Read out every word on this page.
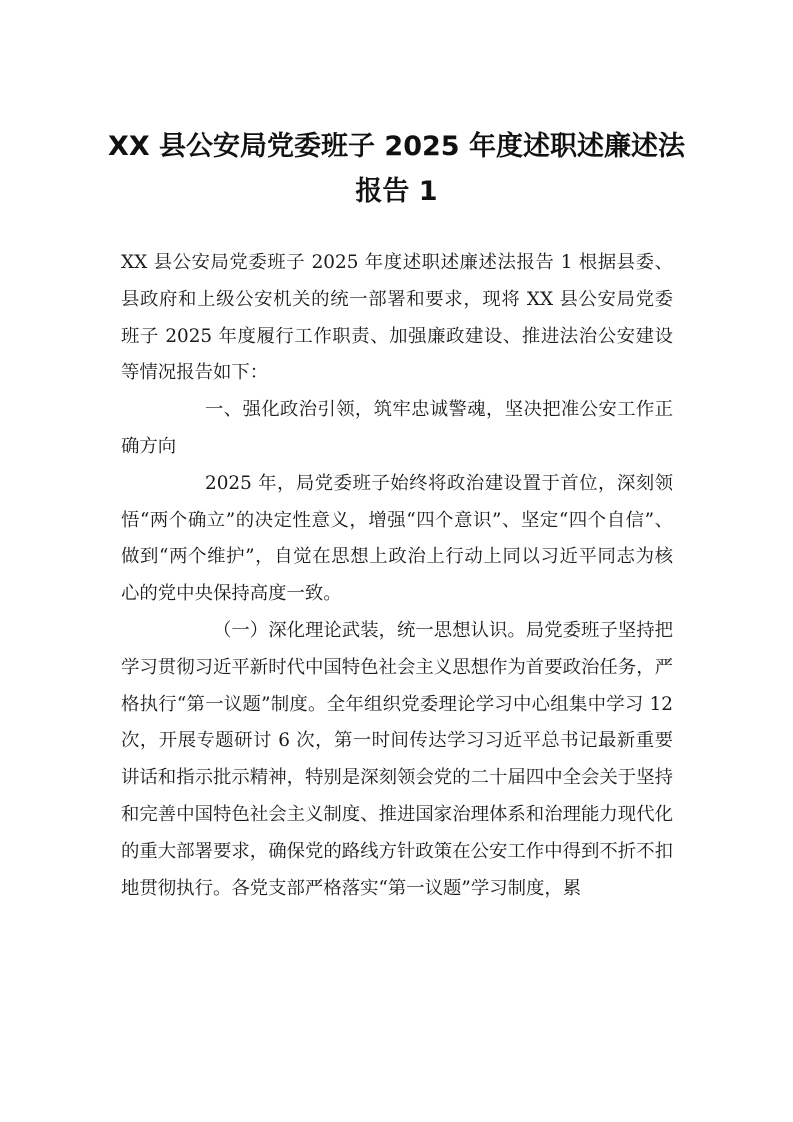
XX 县公安局党委班子 2025 年度述职述廉述法报告 1

XX 县公安局党委班子 2025 年度述职述廉述法报告 1 根据县委、县政府和上级公安机关的统一部署和要求，现将 XX 县公安局党委班子 2025 年度履行工作职责、加强廉政建设、推进法治公安建设等情况报告如下：

一、强化政治引领，筑牢忠诚警魂，坚决把准公安工作正确方向

2025 年，局党委班子始终将政治建设置于首位，深刻领悟“两个确立”的决定性意义，增强“四个意识”、坚定“四个自信”、做到“两个维护”，自觉在思想上政治上行动上同以习近平同志为核心的党中央保持高度一致。

（一）深化理论武装，统一思想认识。局党委班子坚持把学习贯彻习近平新时代中国特色社会主义思想作为首要政治任务，严格执行“第一议题”制度。全年组织党委理论学习中心组集中学习 12 次，开展专题研讨 6 次，第一时间传达学习习近平总书记最新重要讲话和指示批示精神，特别是深刻领会党的二十届四中全会关于坚持和完善中国特色社会主义制度、推进国家治理体系和治理能力现代化的重大部署要求，确保党的路线方针政策在公安工作中得到不折不扣地贯彻执行。各党支部严格落实“第一议题”学习制度，累
